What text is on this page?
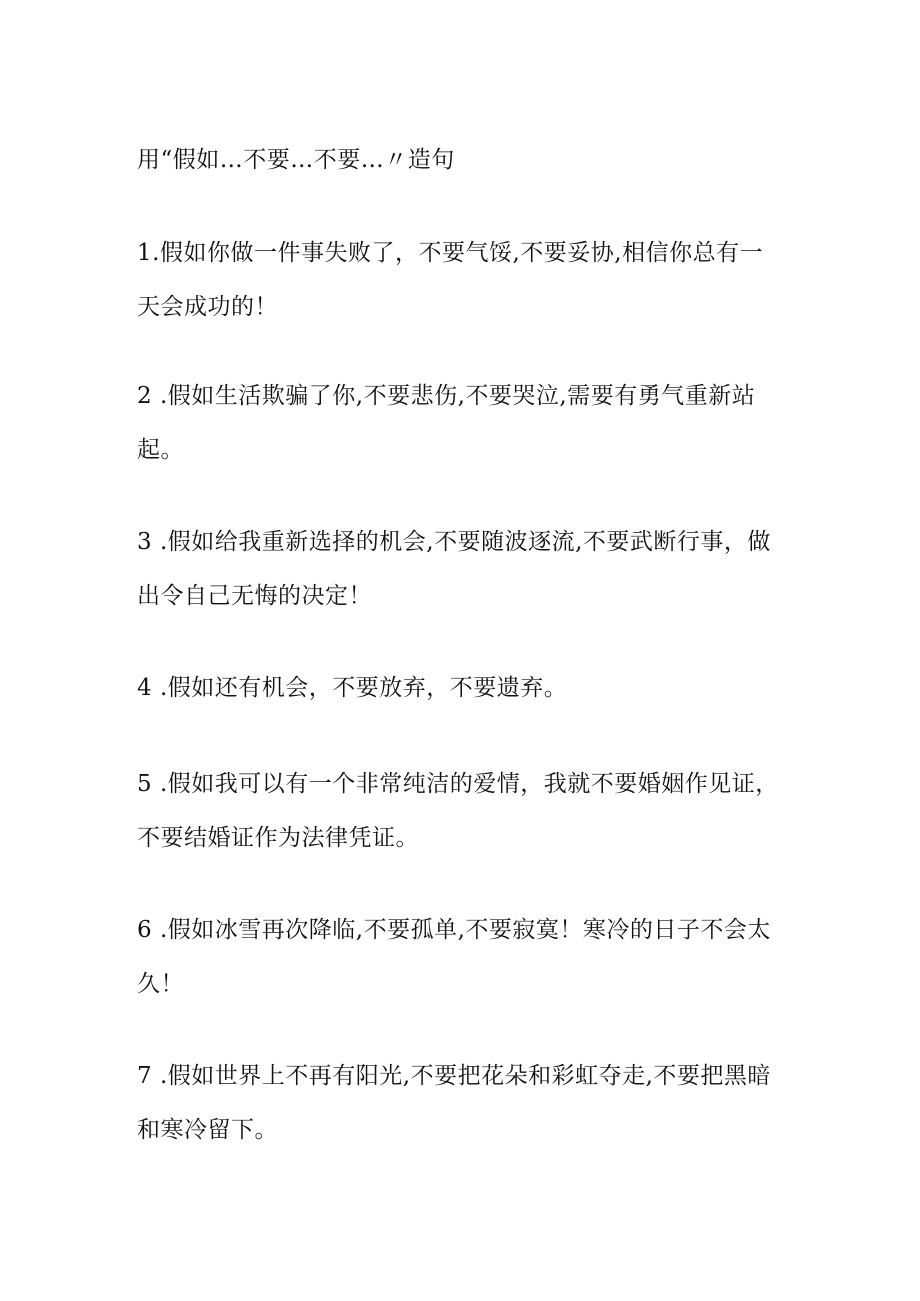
用“假如…不要…不要…〃造句
1.假如你做一件事失败了，不要气馁,不要妥协,相信你总有一
天会成功的！
2 .假如生活欺骗了你,不要悲伤,不要哭泣,需要有勇气重新站
起。
3 .假如给我重新选择的机会,不要随波逐流,不要武断行事，做
出令自己无悔的决定！
4 .假如还有机会，不要放弃，不要遗弃。
5 .假如我可以有一个非常纯洁的爱情，我就不要婚姻作见证，
不要结婚证作为法律凭证。
6 .假如冰雪再次降临,不要孤单,不要寂寞！寒冷的日子不会太
久！
7 .假如世界上不再有阳光,不要把花朵和彩虹夺走,不要把黑暗
和寒冷留下。
